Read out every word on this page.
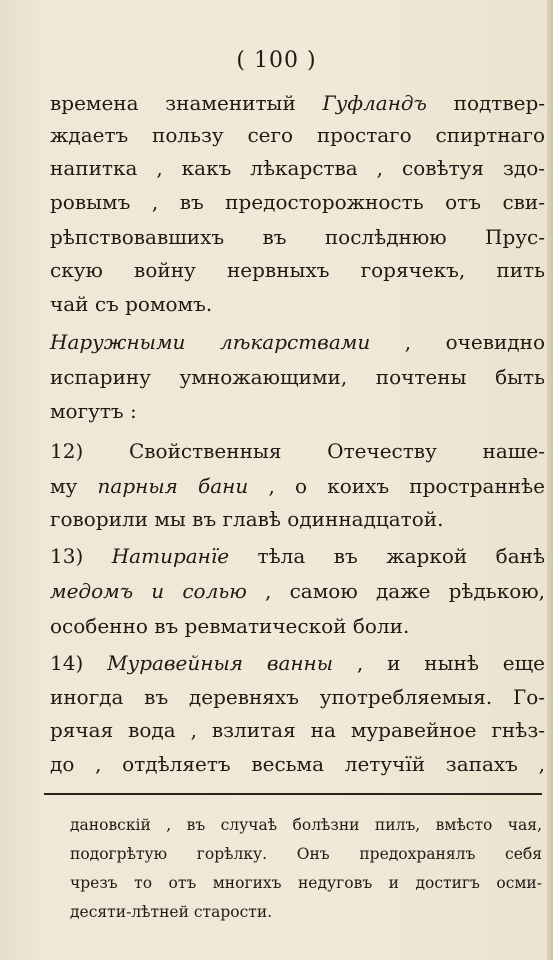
( 100 )
времена знаменитый Гуфландъ подтвер-
ждаетъ пользу сего простаго спиртнаго
напитка , какъ лѣкарства , совѣтуя здо-
ровымъ , въ предосторожность отъ сви-
рѣпствовавшихъ въ послѣднюю Прус-
скую войну нервныхъ горячекъ, пить
чай съ ромомъ.
Наружными лѣкарствами , очевидно
испарину умножающими, почтены быть
могутъ :
12) Свойственныя Отечеству наше-
му парныя бани , о коихъ пространнѣе
говорили мы въ главѣ одиннадцатой.
13) Натиранїе тѣла въ жаркой банѣ
медомъ и солью , самою даже рѣдькою,
особенно въ ревматической боли.
14) Муравейныя ванны , и нынѣ еще
иногда въ деревняхъ употребляемыя. Го-
рячая вода , взлитая на муравейное гнѣз-
до , отдѣляетъ весьма летучїй запахъ ,
дановскій , въ случаѣ болѣзни пилъ, вмѣсто чая,
подогрѣтую горѣлку. Онъ предохранялъ себя
чрезъ то отъ многихъ недуговъ и достигъ осми-
десяти-лѣтней старости.
